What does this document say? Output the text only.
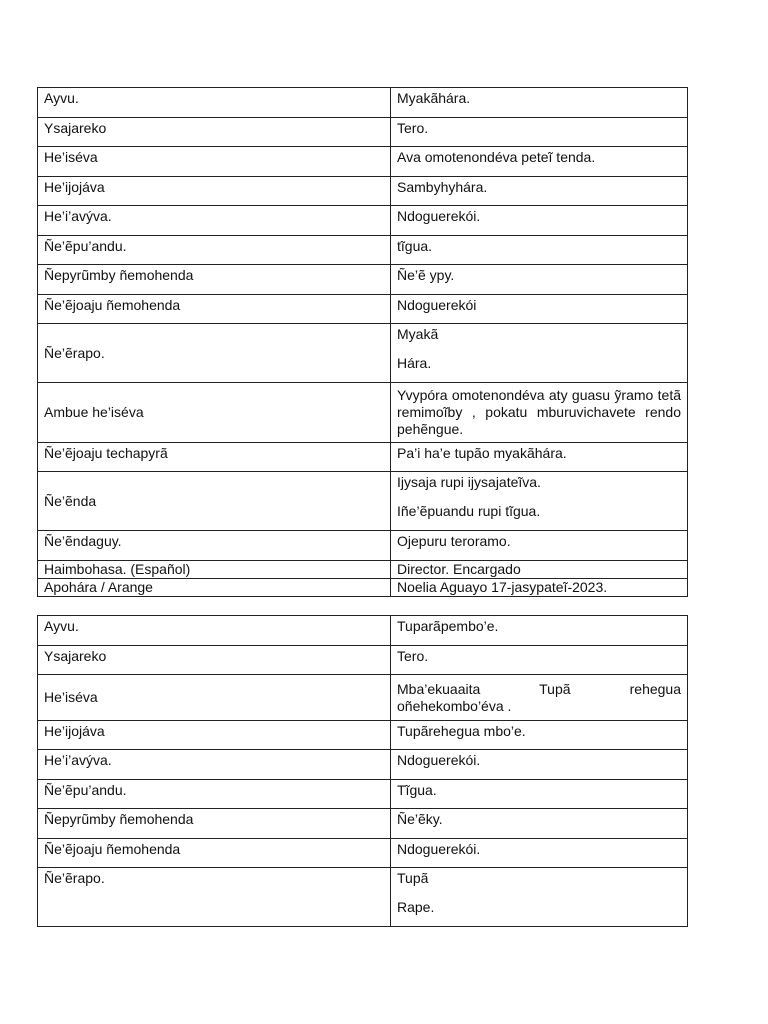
Ayvu.	Myakãhára.

Ysajareko	Tero.

He’iséva	Ava omotenondéva peteĩ tenda.

He’ijojáva	Sambyhyhára.

He’i’avýva.	Ndoguerekói.

Ñe’ẽpu’andu.	tĩgua.

Ñepyrũmby ñemohenda	Ñe’ẽ ypy.

Ñe’ẽjoaju ñemohenda	Ndoguerekói

Ñe’ẽrapo.	Myakã
Hára.

Ambue he’iséva	Yvypóra omotenondéva aty guasu ỹramo tetã remimoĩby , pokatu mburuvichavete rendo pehẽngue.

Ñe’ẽjoaju techapyrã	Pa’i ha’e tupão myakãhára.

Ñe’ẽnda	Ijysaja rupi ijysajateĩva.
Iñe’ẽpuandu rupi tĩgua.

Ñe’ẽndaguy.	Ojepuru teroramo.

Haimbohasa. (Español)	Director. Encargado

Apohára / Arange	Noelia Aguayo 17-jasypateĩ-2023.
Ayvu.	Tuparãpembo’e.

Ysajareko	Tero.

He’iséva	Mba’ekuaaita Tupã rehegua oñehekombo’éva .

He’ijojáva	Tupãrehegua mbo’e.

He’i’avýva.	Ndoguerekói.

Ñe’ẽpu’andu.	Tĩgua.

Ñepyrũmby ñemohenda	Ñe’ẽky.

Ñe’ẽjoaju ñemohenda	Ndoguerekói.

Ñe’ẽrapo.	Tupã
Rape.
